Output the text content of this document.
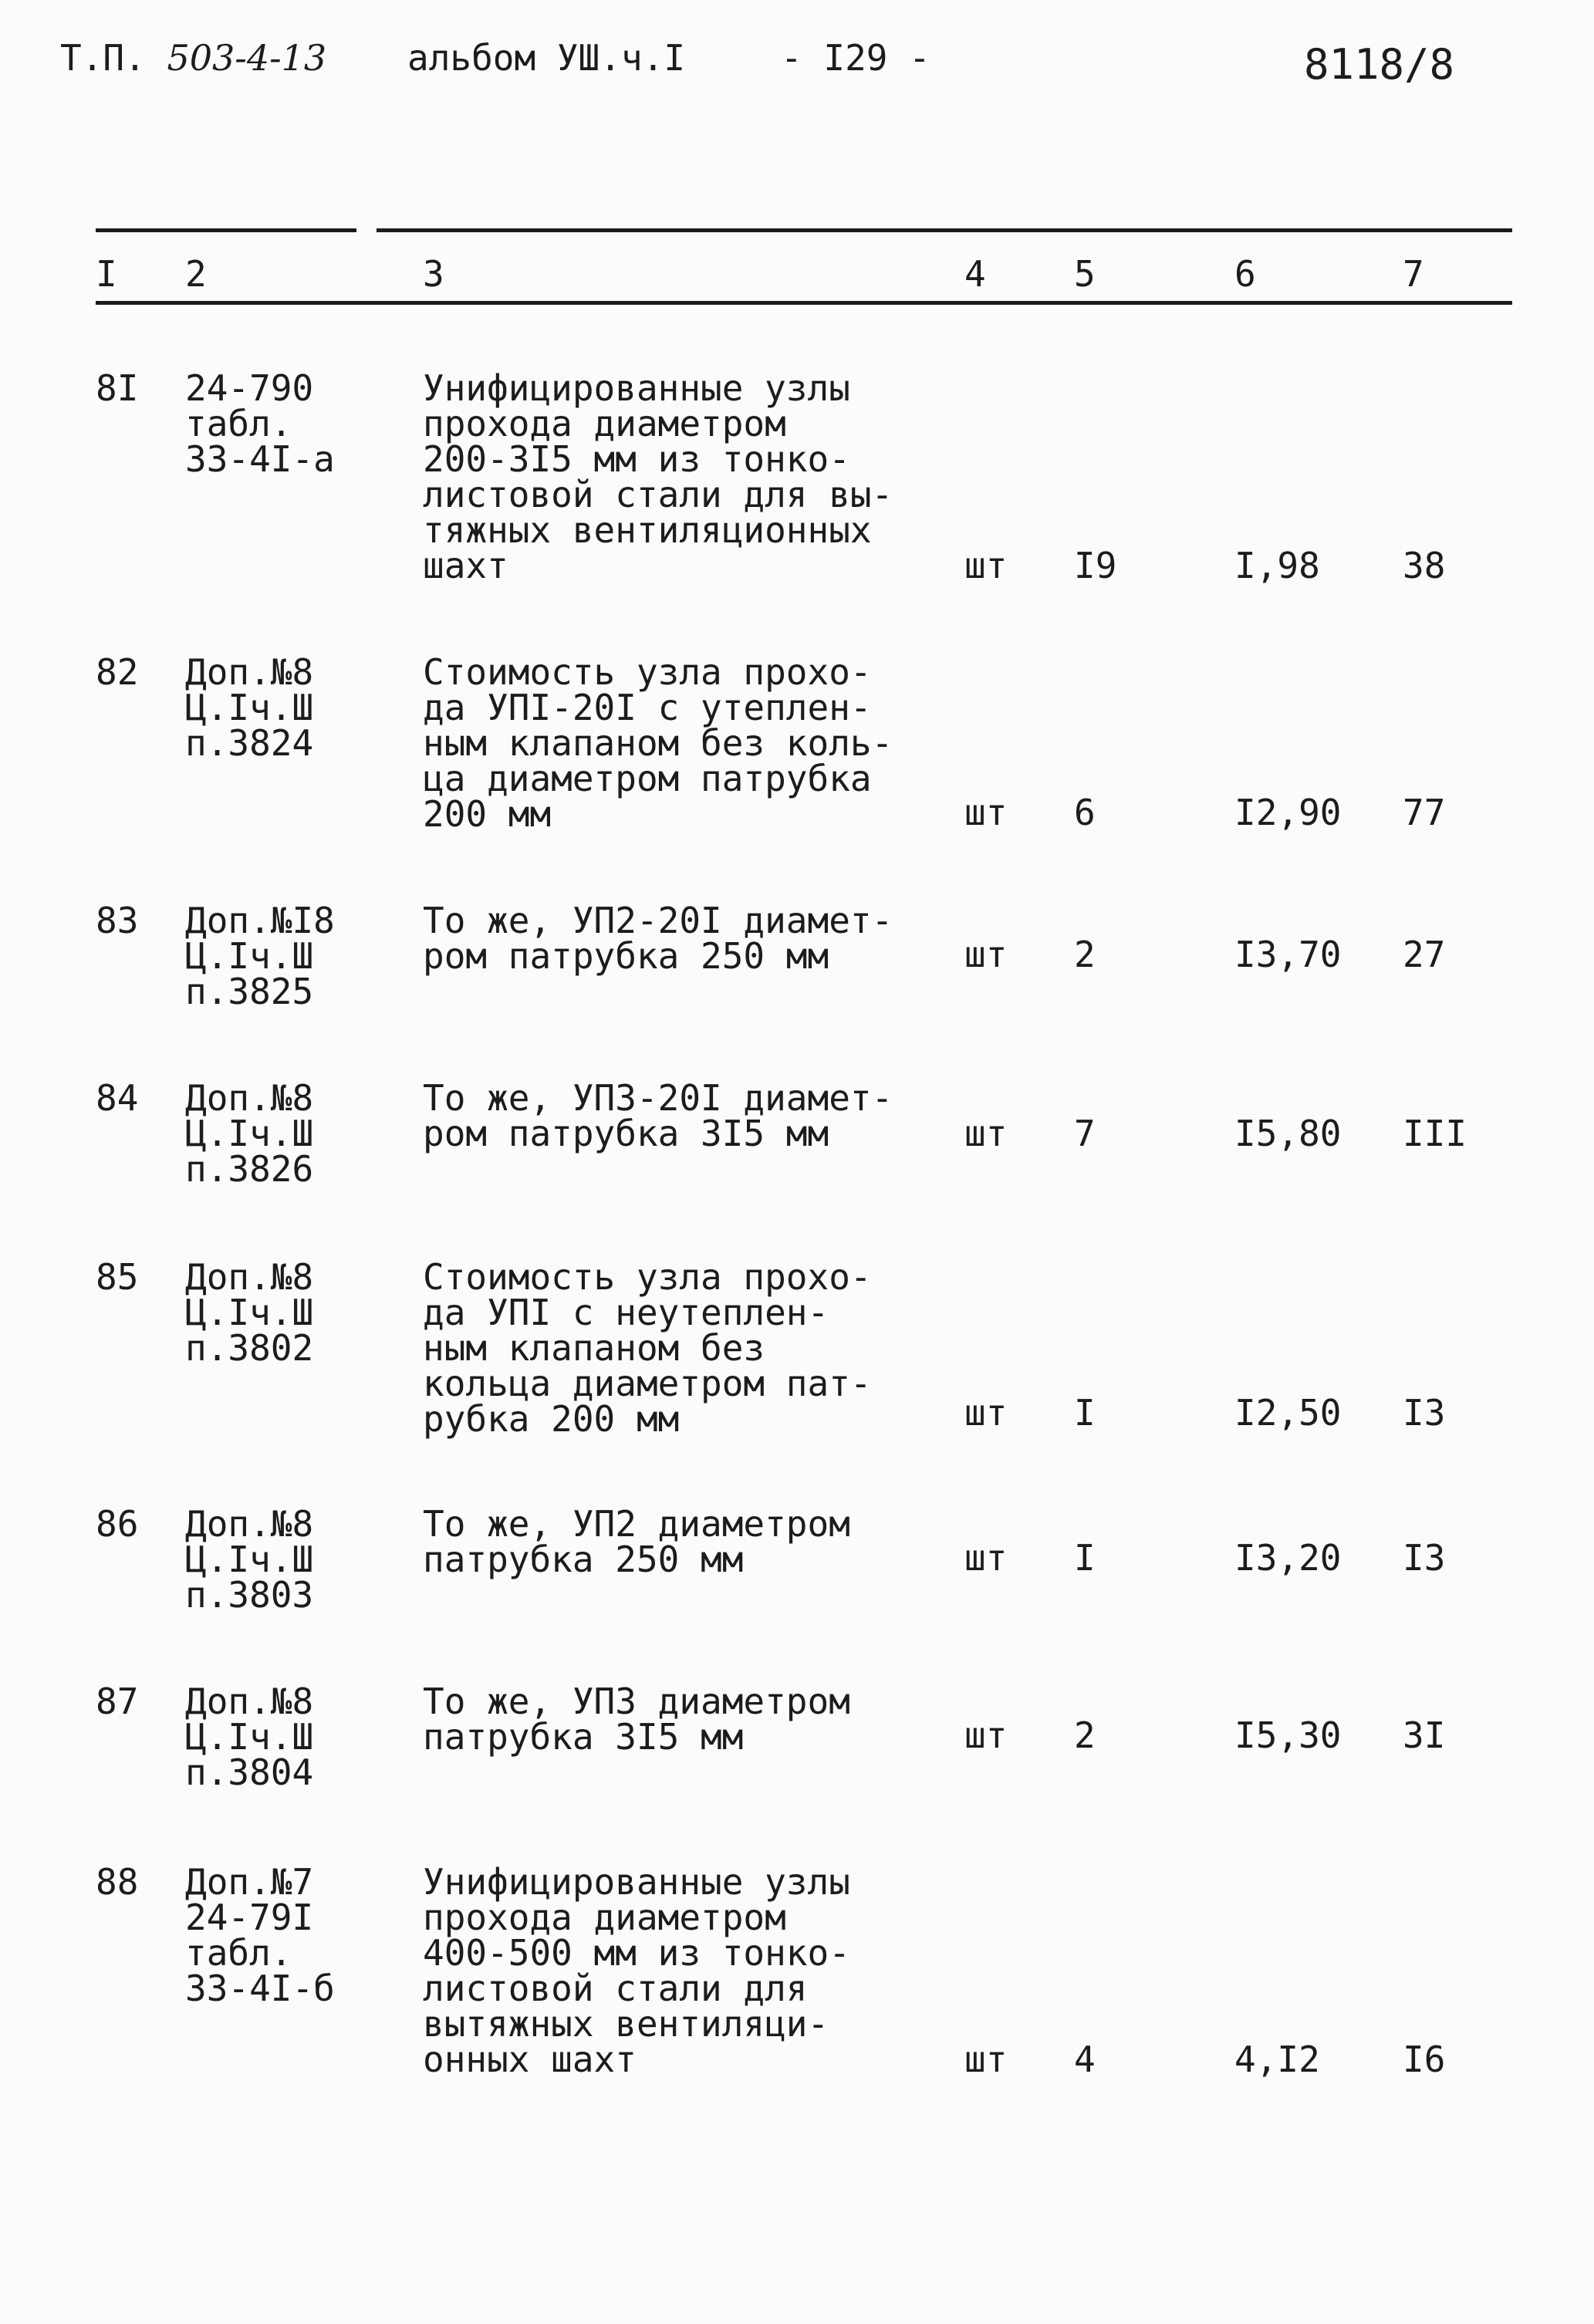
Т.П. 503-4-13 альбом УШ.ч.I	- I29 -	8118/8
I 2	3	4 5	6	7
8I 24-790
табл.
33-4I-а
Унифицированные узлы
прохода диаметром
200-3I5 мм из тонко-
листовой стали для вы-
тяжных вентиляционных
шахт	шт I9	I,98 38
82 Доп.№8
Ц.Iч.Ш
п.3824
Стоимость узла прохо-
да УПI-20I с утеплен-
ным клапаном без коль-
ца диаметром патрубка
200 мм	шт 6	I2,90 77
83 Доп.№I8
Ц.Iч.Ш
п.3825
То же, УП2-20I диамет-
ром патрубка 250 мм	шт 2	I3,70 27
84 Доп.№8
Ц.Iч.Ш
п.3826
То же, УП3-20I диамет-
ром патрубка 3I5 мм	шт 7	I5,80 III
85 Доп.№8
Ц.Iч.Ш
п.3802
Стоимость узла прохо-
да УПI с неутеплен-
ным клапаном без
кольца диаметром пат-
рубка 200 мм	шт I	I2,50 I3
86 Доп.№8
Ц.Iч.Ш
п.3803
То же, УП2 диаметром
патрубка 250 мм	шт I	I3,20 I3
87 Доп.№8
Ц.Iч.Ш
п.3804
То же, УП3 диаметром
патрубка 3I5 мм	шт 2	I5,30 3I
88 Доп.№7
24-79I
табл.
33-4I-б
Унифицированные узлы
прохода диаметром
400-500 мм из тонко-
листовой стали для
вытяжных вентиляци-
онных шахт	шт 4	4,I2 I6
